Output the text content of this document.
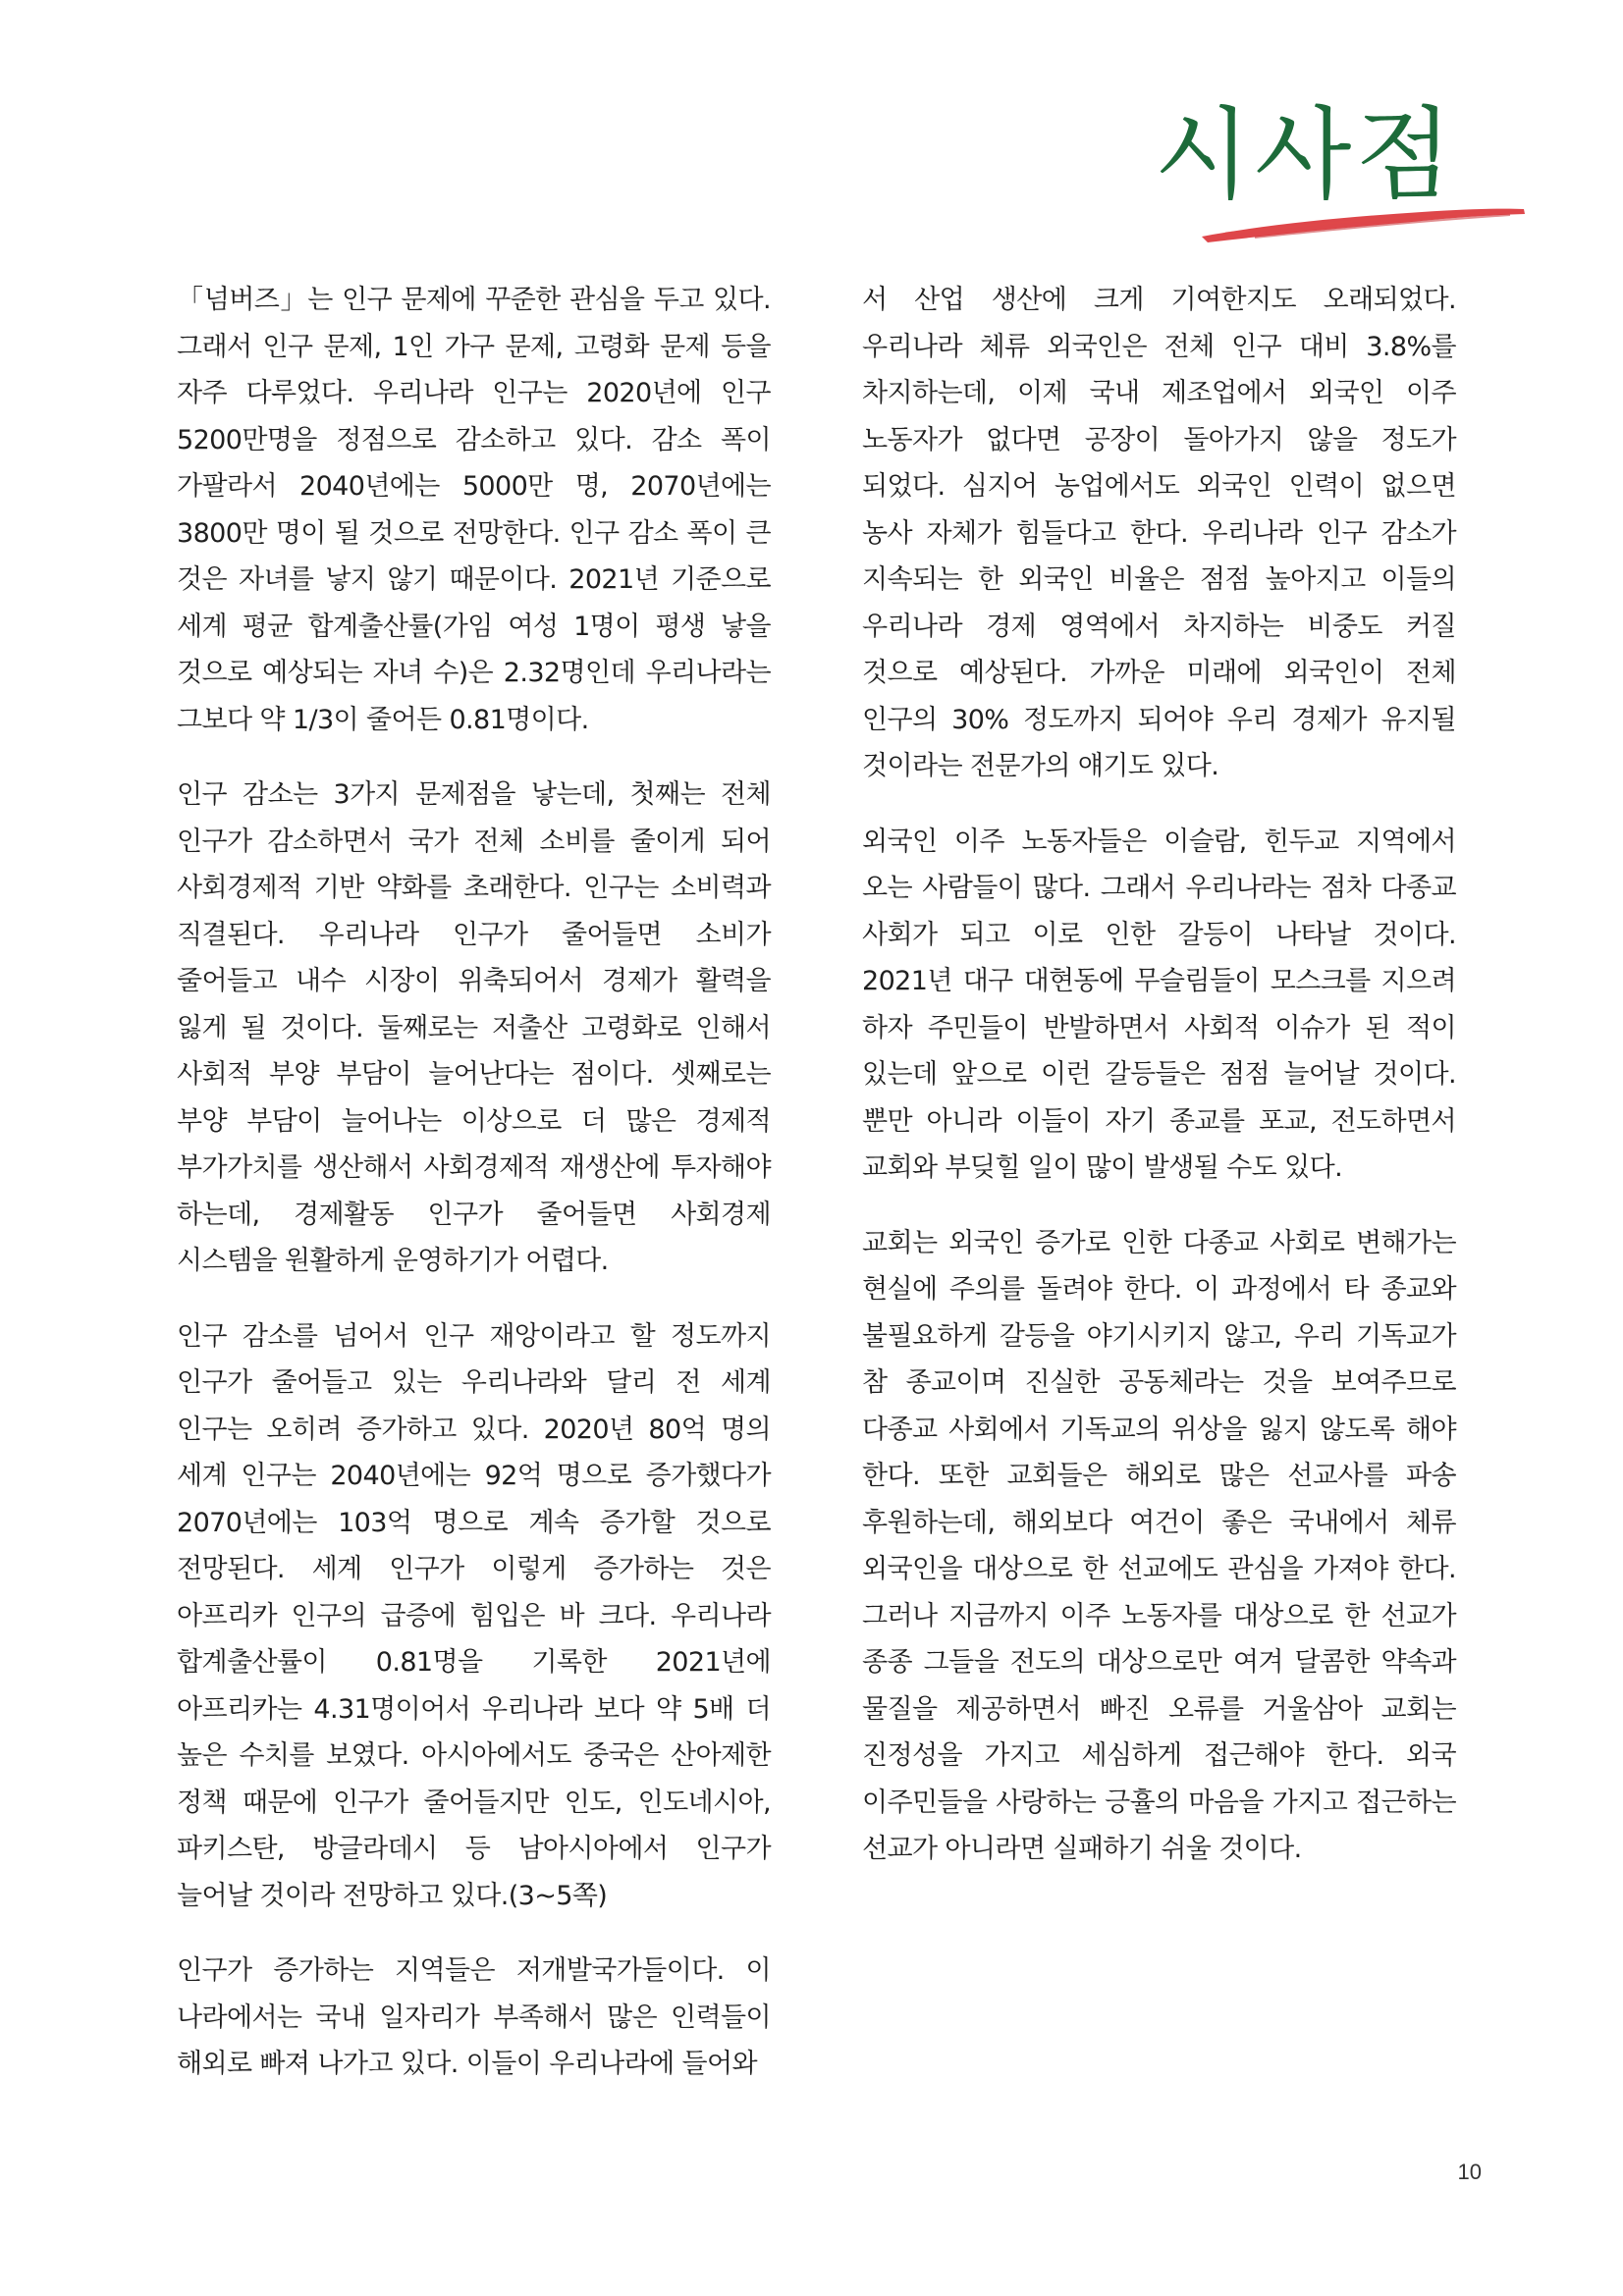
시사점

「넘버즈」는 인구 문제에 꾸준한 관심을 두고 있다. 그래서 인구 문제, 1인 가구 문제, 고령화 문제 등을 자주 다루었다. 우리나라 인구는 2020년에 인구 5200만명을 정점으로 감소하고 있다. 감소 폭이 가팔라서 2040년에는 5000만 명, 2070년에는 3800만 명이 될 것으로 전망한다. 인구 감소 폭이 큰 것은 자녀를 낳지 않기 때문이다. 2021년 기준으로 세계 평균 합계출산률(가임 여성 1명이 평생 낳을 것으로 예상되는 자녀 수)은 2.32명인데 우리나라는 그보다 약 1/3이 줄어든 0.81명이다.

인구 감소는 3가지 문제점을 낳는데, 첫째는 전체 인구가 감소하면서 국가 전체 소비를 줄이게 되어 사회경제적 기반 약화를 초래한다. 인구는 소비력과 직결된다. 우리나라 인구가 줄어들면 소비가 줄어들고 내수 시장이 위축되어서 경제가 활력을 잃게 될 것이다. 둘째로는 저출산 고령화로 인해서 사회적 부양 부담이 늘어난다는 점이다. 셋째로는 부양 부담이 늘어나는 이상으로 더 많은 경제적 부가가치를 생산해서 사회경제적 재생산에 투자해야 하는데, 경제활동 인구가 줄어들면 사회경제 시스템을 원활하게 운영하기가 어렵다.

인구 감소를 넘어서 인구 재앙이라고 할 정도까지 인구가 줄어들고 있는 우리나라와 달리 전 세계 인구는 오히려 증가하고 있다. 2020년 80억 명의 세계 인구는 2040년에는 92억 명으로 증가했다가 2070년에는 103억 명으로 계속 증가할 것으로 전망된다. 세계 인구가 이렇게 증가하는 것은 아프리카 인구의 급증에 힘입은 바 크다. 우리나라 합계출산률이 0.81명을 기록한 2021년에 아프리카는 4.31명이어서 우리나라 보다 약 5배 더 높은 수치를 보였다. 아시아에서도 중국은 산아제한 정책 때문에 인구가 줄어들지만 인도, 인도네시아, 파키스탄, 방글라데시 등 남아시아에서 인구가 늘어날 것이라 전망하고 있다.(3~5쪽)

인구가 증가하는 지역들은 저개발국가들이다. 이 나라에서는 국내 일자리가 부족해서 많은 인력들이 해외로 빠져 나가고 있다. 이들이 우리나라에 들어와

서 산업 생산에 크게 기여한지도 오래되었다. 우리나라 체류 외국인은 전체 인구 대비 3.8%를 차지하는데, 이제 국내 제조업에서 외국인 이주 노동자가 없다면 공장이 돌아가지 않을 정도가 되었다. 심지어 농업에서도 외국인 인력이 없으면 농사 자체가 힘들다고 한다. 우리나라 인구 감소가 지속되는 한 외국인 비율은 점점 높아지고 이들의 우리나라 경제 영역에서 차지하는 비중도 커질 것으로 예상된다. 가까운 미래에 외국인이 전체 인구의 30% 정도까지 되어야 우리 경제가 유지될 것이라는 전문가의 얘기도 있다.

외국인 이주 노동자들은 이슬람, 힌두교 지역에서 오는 사람들이 많다. 그래서 우리나라는 점차 다종교 사회가 되고 이로 인한 갈등이 나타날 것이다. 2021년 대구 대현동에 무슬림들이 모스크를 지으려 하자 주민들이 반발하면서 사회적 이슈가 된 적이 있는데 앞으로 이런 갈등들은 점점 늘어날 것이다. 뿐만 아니라 이들이 자기 종교를 포교, 전도하면서 교회와 부딪힐 일이 많이 발생될 수도 있다.

교회는 외국인 증가로 인한 다종교 사회로 변해가는 현실에 주의를 돌려야 한다. 이 과정에서 타 종교와 불필요하게 갈등을 야기시키지 않고, 우리 기독교가 참 종교이며 진실한 공동체라는 것을 보여주므로 다종교 사회에서 기독교의 위상을 잃지 않도록 해야 한다. 또한 교회들은 해외로 많은 선교사를 파송 후원하는데, 해외보다 여건이 좋은 국내에서 체류 외국인을 대상으로 한 선교에도 관심을 가져야 한다. 그러나 지금까지 이주 노동자를 대상으로 한 선교가 종종 그들을 전도의 대상으로만 여겨 달콤한 약속과 물질을 제공하면서 빠진 오류를 거울삼아 교회는 진정성을 가지고 세심하게 접근해야 한다. 외국 이주민들을 사랑하는 긍휼의 마음을 가지고 접근하는 선교가 아니라면 실패하기 쉬울 것이다.

10
